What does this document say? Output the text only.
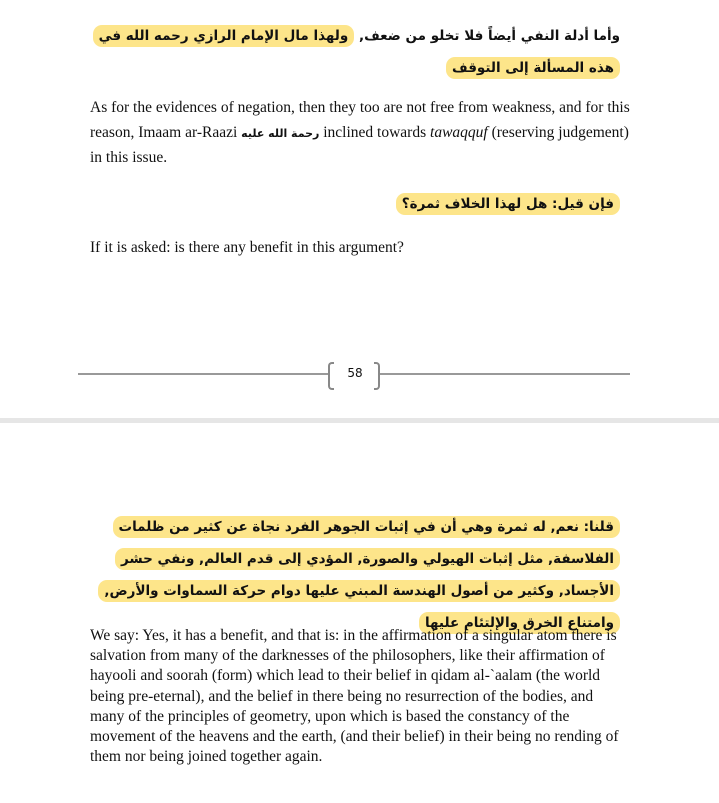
وأما أدلة النفي أيضاً فلا تخلو من ضعف, ولهذا مال الإمام الرازي رحمه الله في هذه المسألة إلى التوقف
As for the evidences of negation, then they too are not free from weakness, and for this reason, Imaam ar-Raazi رحمة الله عليه inclined towards tawaqquf (reserving judgement) in this issue.
فإن قيل: هل لهذا الخلاف ثمرة؟
If it is asked: is there any benefit in this argument?
58
قلنا: نعم, له ثمرة وهي أن في إثبات الجوهر الفرد نجاة عن كثير من ظلمات الفلاسفة, مثل إثبات الهيولي والصورة, المؤدي إلى قدم العالم, ونفي حشر الأجساد, وكثير من أصول الهندسة المبني عليها دوام حركة السماوات والأرض, وامتناع الخرق والإلتئام عليها
We say: Yes, it has a benefit, and that is: in the affirmation of a singular atom there is salvation from many of the darknesses of the philosophers, like their affirmation of hayooli and soorah (form) which lead to their belief in qidam al-`aalam (the world being pre-eternal), and the belief in there being no resurrection of the bodies, and many of the principles of geometry, upon which is based the constancy of the movement of the heavens and the earth, (and their belief) in their being no rending of them nor being joined together again.
